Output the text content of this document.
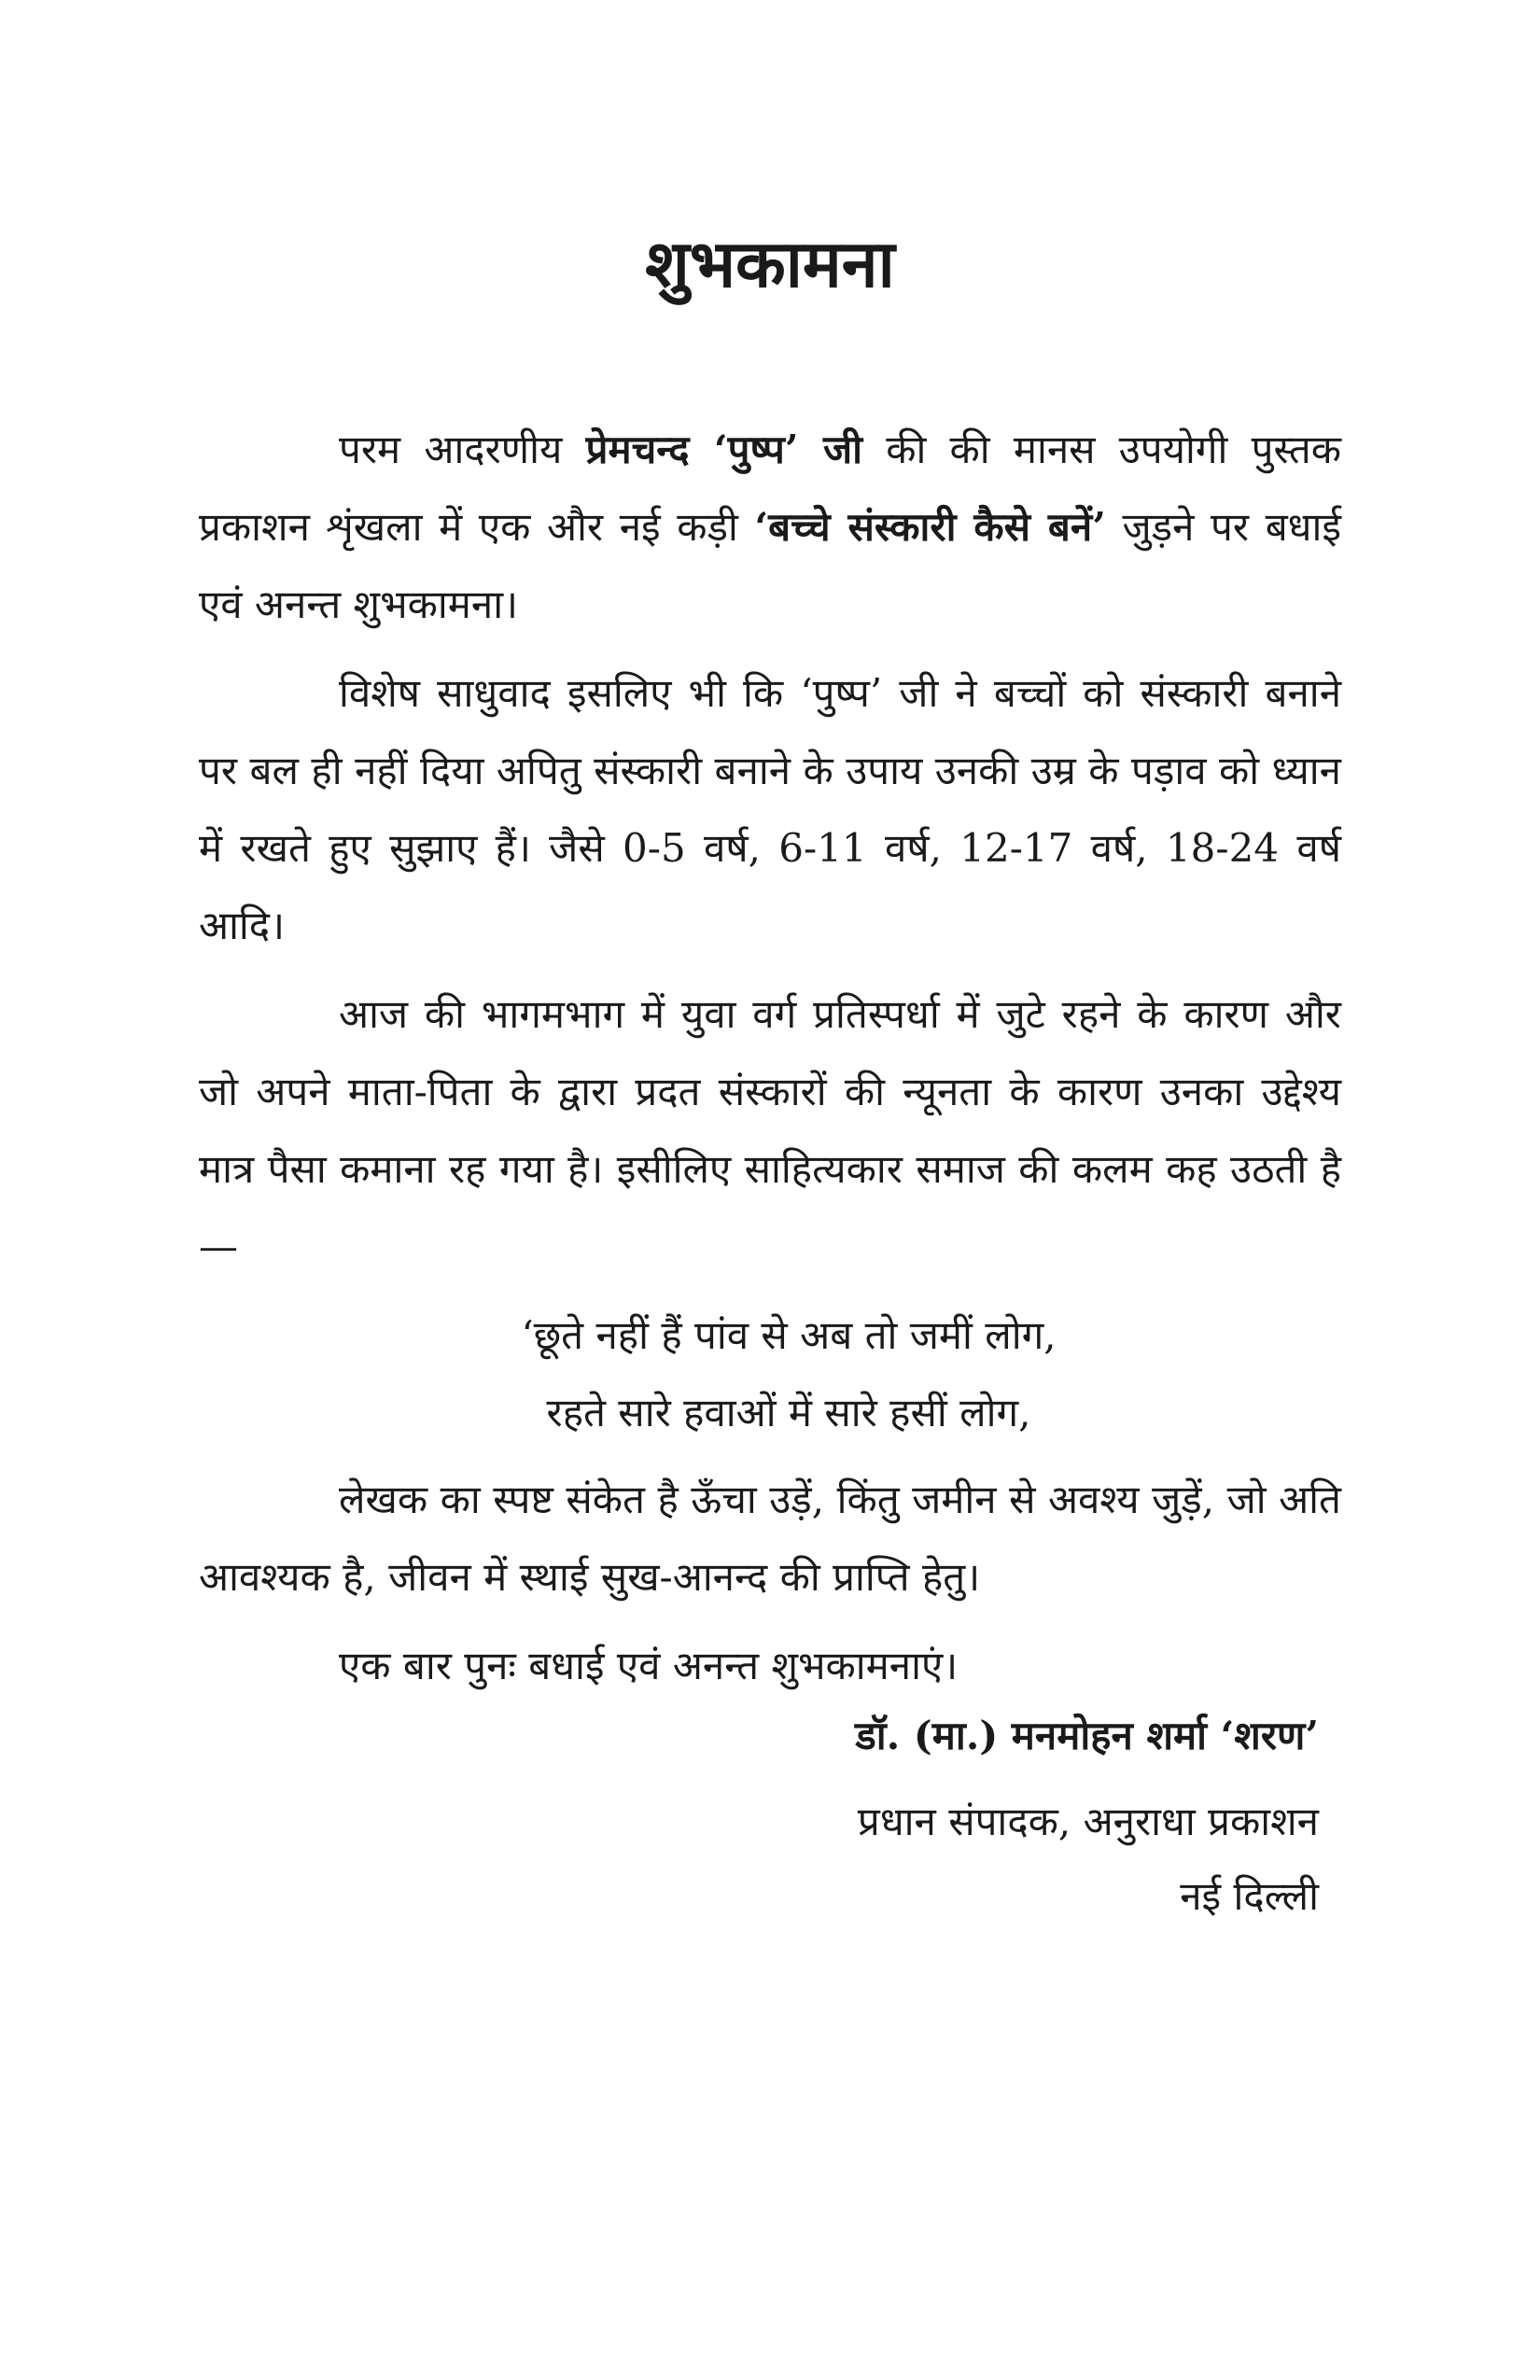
शुभकामना

परम आदरणीय प्रेमचन्द ‘पुष्प’ जी की की मानस उपयोगी पुस्तक प्रकाशन शृंखला में एक और नई कड़ी ‘बच्चे संस्कारी कैसे बनें’ जुड़ने पर बधाई एवं अनन्त शुभकामना।

विशेष साधुवाद इसलिए भी कि ‘पुष्प’ जी ने बच्चों को संस्कारी बनाने पर बल ही नहीं दिया अपितु संस्कारी बनाने के उपाय उनकी उम्र के पड़ाव को ध्यान में रखते हुए सुझाए हैं। जैसे 0-5 वर्ष, 6-11 वर्ष, 12-17 वर्ष, 18-24 वर्ष आदि।

आज की भागमभाग में युवा वर्ग प्रतिस्पर्धा में जुटे रहने के कारण और जो अपने माता-पिता के द्वारा प्रदत संस्कारों की न्यूनता के कारण उनका उद्देश्य मात्र पैसा कमाना रह गया है। इसीलिए साहित्यकार समाज की कलम कह उठती है —

‘छूते नहीं हैं पांव से अब तो जमीं लोग,

रहते सारे हवाओं में सारे हसीं लोग,

लेखक का स्पष्ट संकेत है ऊँचा उड़ें, किंतु जमीन से अवश्य जुड़ें, जो अति आवश्यक है, जीवन में स्थाई सुख-आनन्द की प्राप्ति हेतु।

एक बार पुनः बधाई एवं अनन्त शुभकामनाएं।

डॉ. (मा.) मनमोहन शर्मा ‘शरण’

प्रधान संपादक, अनुराधा प्रकाशन

नई दिल्ली
